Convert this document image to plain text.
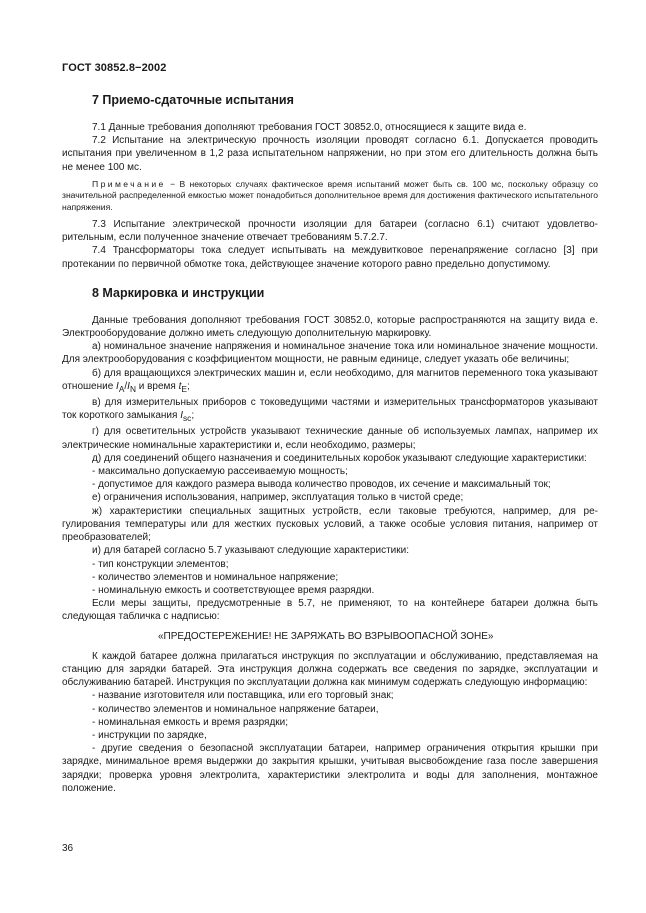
ГОСТ 30852.8−2002
7 Приемо-сдаточные испытания

7.1 Данные требования дополняют требования ГОСТ 30852.0, относящиеся к защите вида е.

7.2 Испытание на электрическую прочность изоляции проводят согласно 6.1. Допускается проводить испытания при увеличенном в 1,2 раза испытательном напряжении, но при этом его длительность должна быть не менее 100 мс.

Примечание − В некоторых случаях фактическое время испытаний может быть св. 100 мс, поскольку образцу со значительной распределенной емкостью может понадобиться дополнительное время для достижения фактического испытательного напряжения.

7.3 Испытание электрической прочности изоляции для батареи (согласно 6.1) считают удовлетворительным, если полученное значение отвечает требованиям 5.7.2.7.

7.4 Трансформаторы тока следует испытывать на междувитковое перенапряжение согласно [3] при протекании по первичной обмотке тока, действующее значение которого равно предельно допустимому.

8 Маркировка и инструкции

Данные требования дополняют требования ГОСТ 30852.0, которые распространяются на защиту вида е. Электрооборудование должно иметь следующую дополнительную маркировку.

а) номинальное значение напряжения и номинальное значение тока или номинальное значение мощности. Для электрооборудования с коэффициентом мощности, не равным единице, следует указать обе величины;

б) для вращающихся электрических машин и, если необходимо, для магнитов переменного тока указывают отношение $I_A/I_N$ и время $t_E$;

в) для измерительных приборов с токоведущими частями и измерительных трансформаторов указывают ток короткого замыкания $I_{sc}$;

г) для осветительных устройств указывают технические данные об используемых лампах, например их электрические номинальные характеристики и, если необходимо, размеры;

д) для соединений общего назначения и соединительных коробок указывают следующие характеристики:

- максимально допускаемую рассеиваемую мощность;

- допустимое для каждого размера вывода количество проводов, их сечение и максимальный ток;

е) ограничения использования, например, эксплуатация только в чистой среде;

ж) характеристики специальных защитных устройств, если таковые требуются, например, для регулирования температуры или для жестких пусковых условий, а также особые условия питания, например от преобразователей;

и) для батарей согласно 5.7 указывают следующие характеристики:

- тип конструкции элементов;

- количество элементов и номинальное напряжение;

- номинальную емкость и соответствующее время разрядки.

Если меры защиты, предусмотренные в 5.7, не применяют, то на контейнере батареи должна быть следующая табличка с надписью:

«ПРЕДОСТЕРЕЖЕНИЕ! НЕ ЗАРЯЖАТЬ ВО ВЗРЫВООПАСНОЙ ЗОНЕ»

К каждой батарее должна прилагаться инструкция по эксплуатации и обслуживанию, представляемая на станцию для зарядки батарей. Эта инструкция должна содержать все сведения по зарядке, эксплуатации и обслуживанию батарей. Инструкция по эксплуатации должна как минимум содержать следующую информацию:

- название изготовителя или поставщика, или его торговый знак;

- количество элементов и номинальное напряжение батареи,

- номинальная емкость и время разрядки;

- инструкции по зарядке,

- другие сведения о безопасной эксплуатации батареи, например ограничения открытия крышки при зарядке, минимальное время выдержки до закрытия крышки, учитывая высвобождение газа после завершения зарядки; проверка уровня электролита, характеристики электролита и воды для заполнения, монтажное положение.

36
